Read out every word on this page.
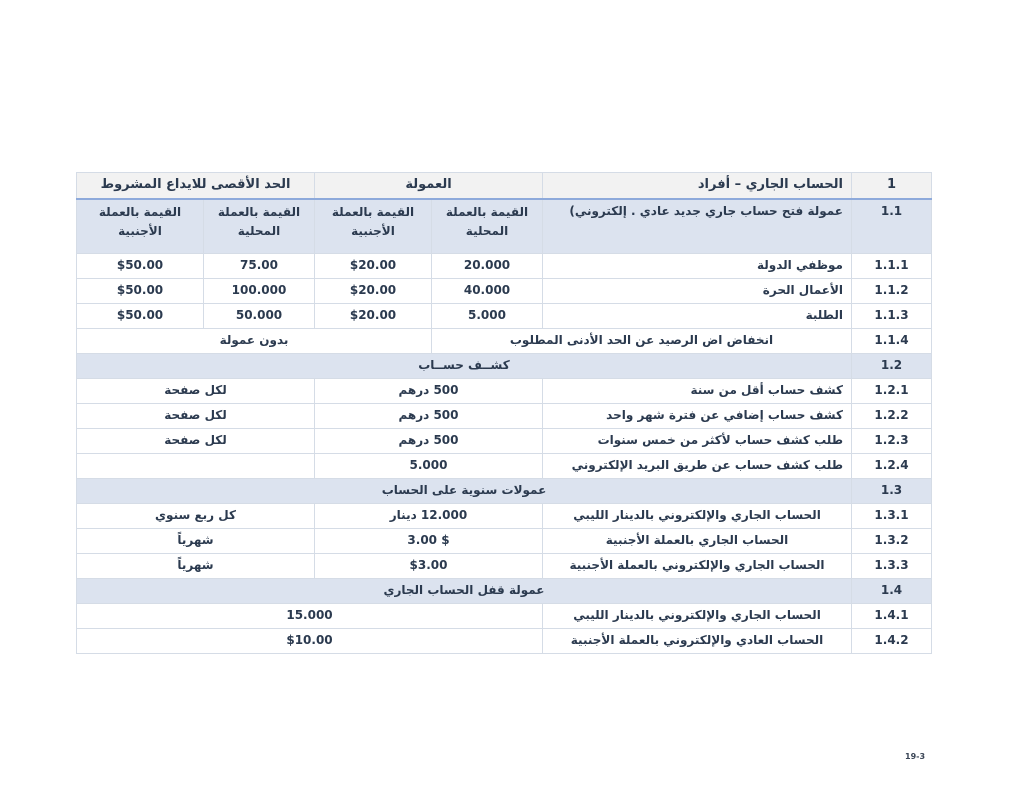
1	الحساب الجاري – أفراد	العمولة		الحد الأقصى للايداع المشروط	
1.1	عمولة فتح حساب جاري جديد عادي . إلكتروني)	القيمة بالعملة المحلية	القيمة بالعملة الأجنبية	القيمة بالعملة المحلية	القيمة بالعملة الأجنبية
1.1.1	موظفي الدولة	20.000	$20.00	75.00	$50.00
1.1.2	الأعمال الحرة	40.000	$20.00	100.000	$50.00
1.1.3	الطلبة	5.000	$20.00	50.000	$50.00
1.1.4	انخفاض اض الرصيد عن الحد الأدنى المطلوب		بدون عمولة		
1.2	كشــف حســاب				
1.2.1	كشف حساب أقل من سنة	500 درهم		لكل صفحة	
1.2.2	كشف حساب إضافي عن فترة شهر واحد	500 درهم		لكل صفحة	
1.2.3	طلب كشف حساب لأكثر من خمس سنوات	500 درهم		لكل صفحة	
1.2.4	طلب كشف حساب عن طريق البريد الإلكتروني	5.000			
1.3	عمولات سنوية على الحساب				
1.3.1	الحساب الجاري والإلكتروني بالدينار الليبي	12.000 دينار		كل ربع سنوي	
1.3.2	الحساب الجاري بالعملة الأجنبية	$ 3.00		شهرياً	
1.3.3	الحساب الجاري والإلكتروني بالعملة الأجنبية	$3.00		شهرياً	
1.4	عمولة قفل الحساب الجاري				
1.4.1	الحساب الجاري والإلكتروني بالدينار الليبي	15.000			
1.4.2	الحساب العادي والإلكتروني بالعملة الأجنبية	$10.00			
19-3
